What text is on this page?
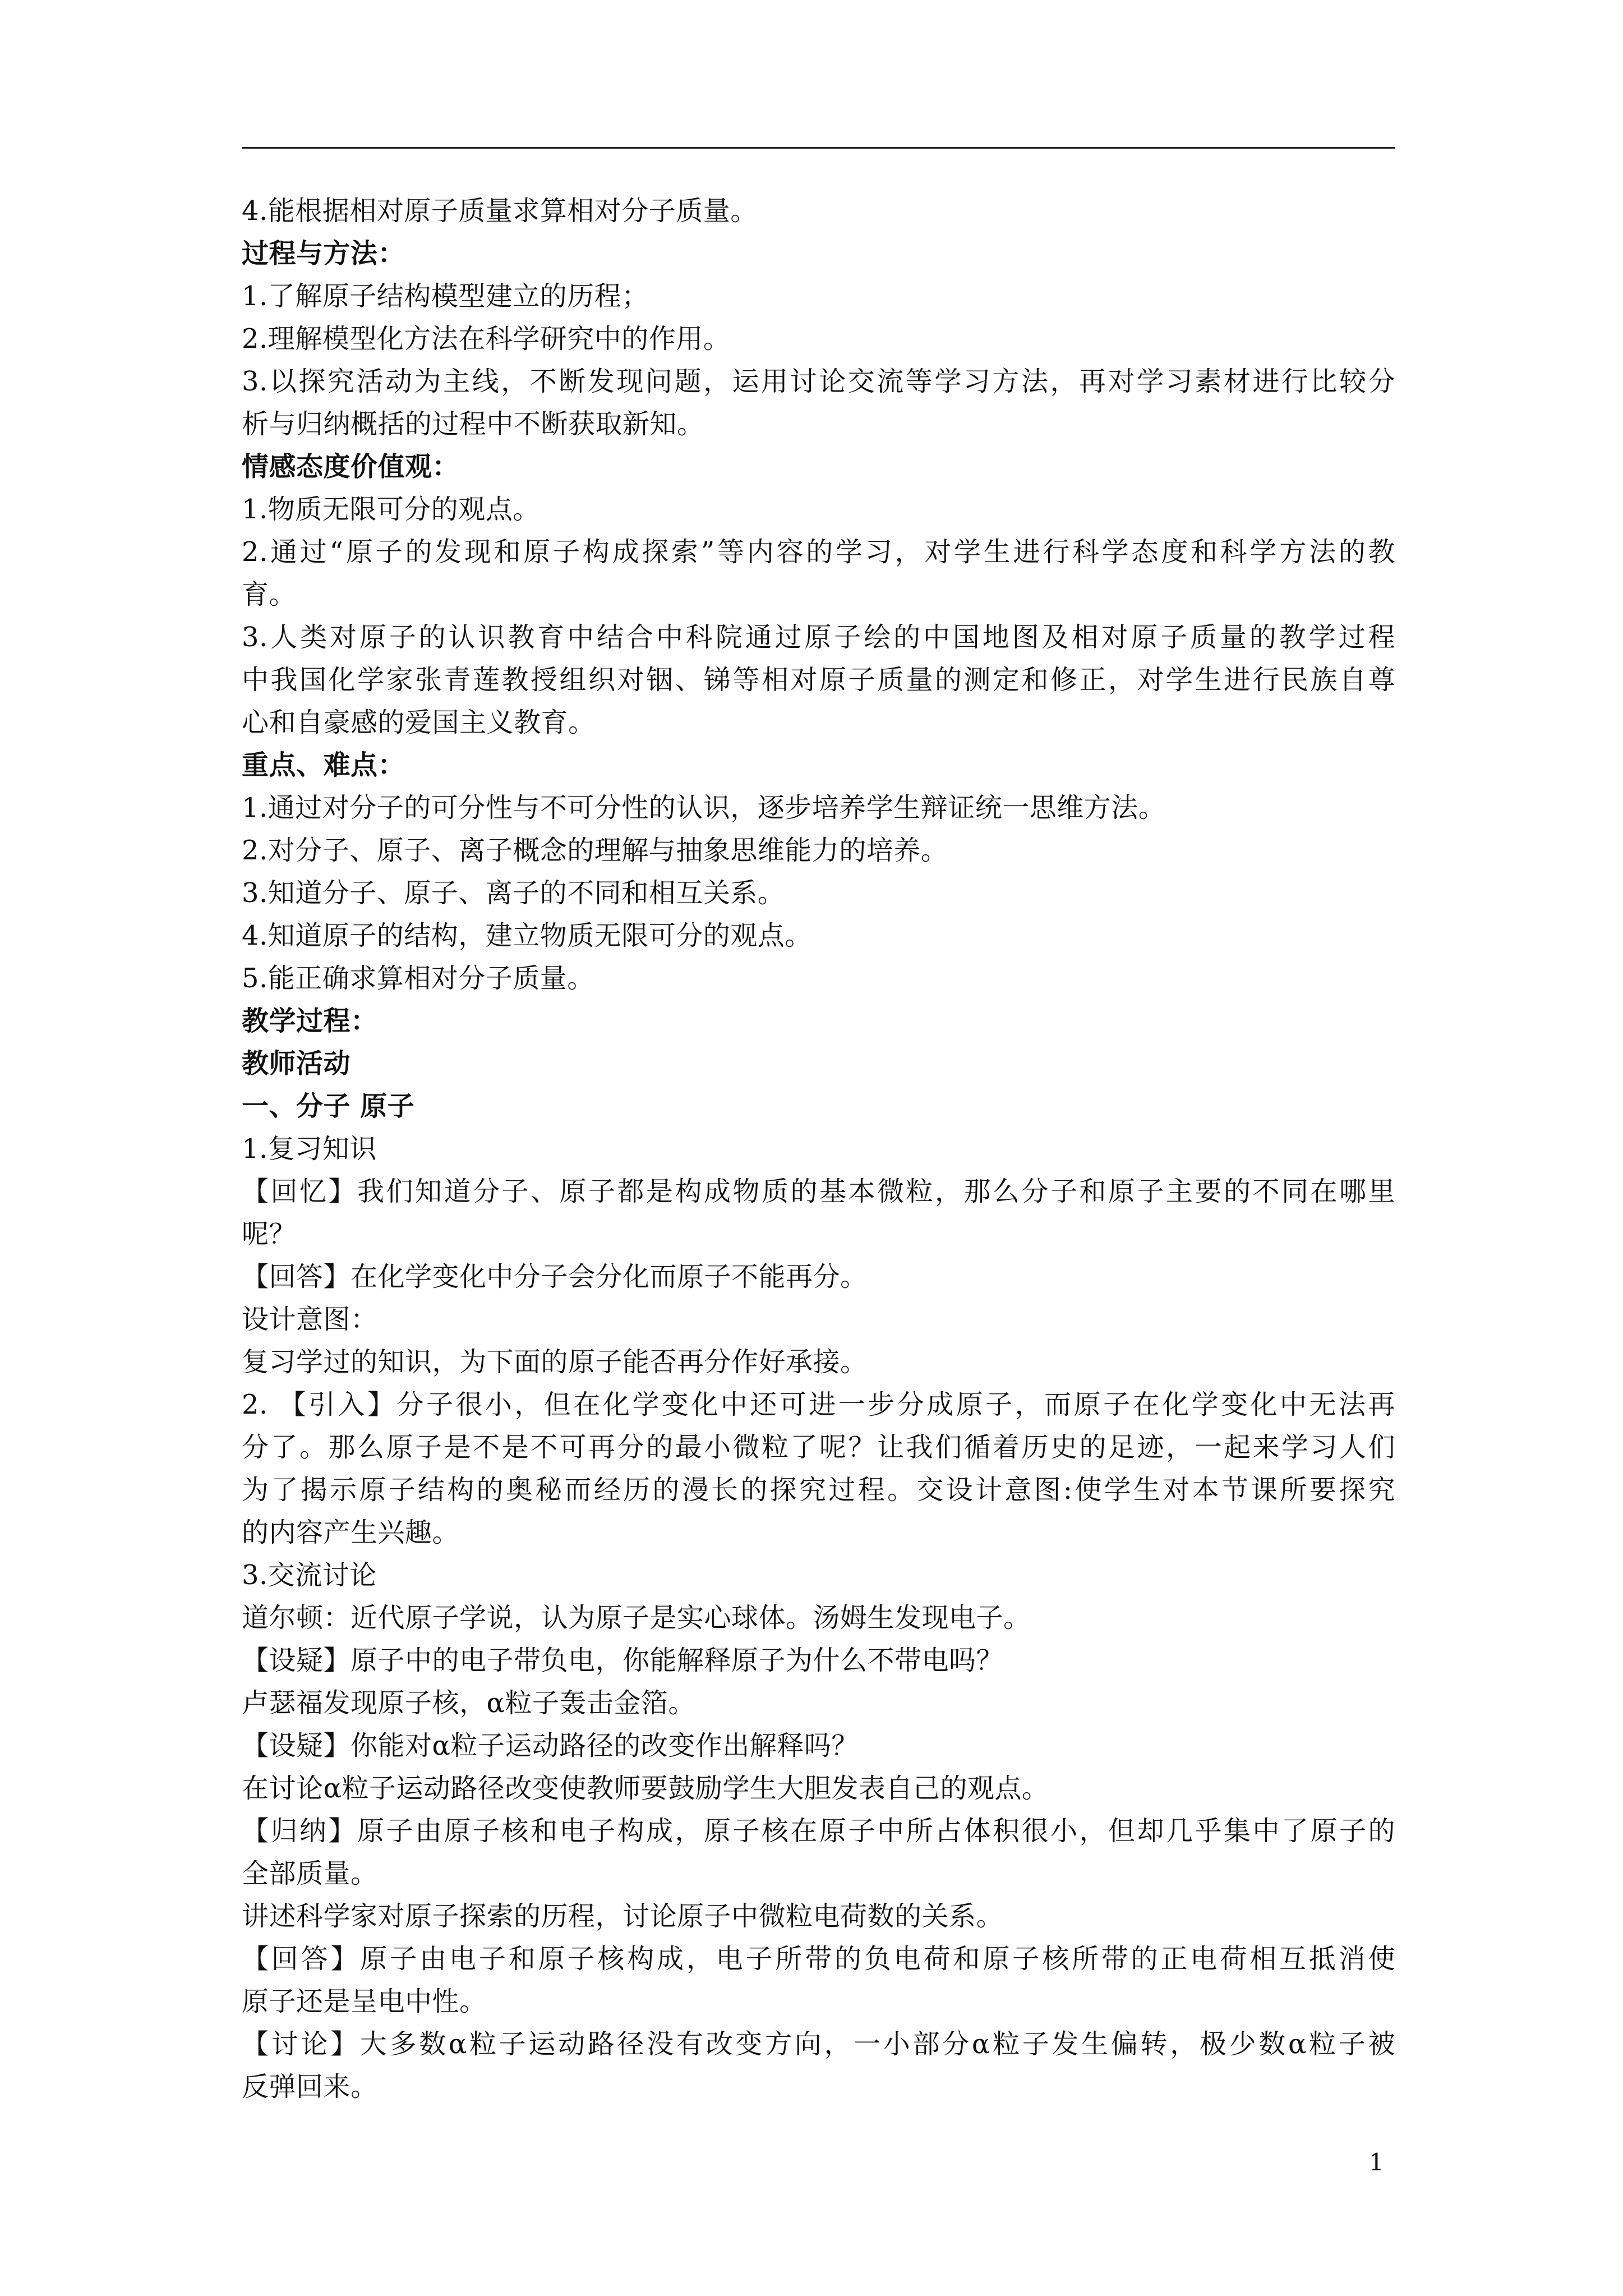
4.能根据相对原子质量求算相对分子质量。
过程与方法：
1.了解原子结构模型建立的历程；
2.理解模型化方法在科学研究中的作用。
3.以探究活动为主线，不断发现问题，运用讨论交流等学习方法，再对学习素材进行比较分
析与归纳概括的过程中不断获取新知。
情感态度价值观：
1.物质无限可分的观点。
2.通过“原子的发现和原子构成探索”等内容的学习，对学生进行科学态度和科学方法的教
育。
3.人类对原子的认识教育中结合中科院通过原子绘的中国地图及相对原子质量的教学过程
中我国化学家张青莲教授组织对铟、锑等相对原子质量的测定和修正，对学生进行民族自尊
心和自豪感的爱国主义教育。
重点、难点：
1.通过对分子的可分性与不可分性的认识，逐步培养学生辩证统一思维方法。
2.对分子、原子、离子概念的理解与抽象思维能力的培养。
3.知道分子、原子、离子的不同和相互关系。
4.知道原子的结构，建立物质无限可分的观点。
5.能正确求算相对分子质量。
教学过程：
教师活动
一、分子 原子
1.复习知识
【回忆】我们知道分子、原子都是构成物质的基本微粒，那么分子和原子主要的不同在哪里
呢？
【回答】在化学变化中分子会分化而原子不能再分。
设计意图：
复习学过的知识，为下面的原子能否再分作好承接。
2. 【引入】分子很小，但在化学变化中还可进一步分成原子，而原子在化学变化中无法再
分了。那么原子是不是不可再分的最小微粒了呢？让我们循着历史的足迹，一起来学习人们
为了揭示原子结构的奥秘而经历的漫长的探究过程。交设计意图:使学生对本节课所要探究
的内容产生兴趣。
3.交流讨论
道尔顿：近代原子学说，认为原子是实心球体。汤姆生发现电子。
【设疑】原子中的电子带负电，你能解释原子为什么不带电吗？
卢瑟福发现原子核，α粒子轰击金箔。
【设疑】你能对α粒子运动路径的改变作出解释吗？
在讨论α粒子运动路径改变使教师要鼓励学生大胆发表自己的观点。
【归纳】原子由原子核和电子构成，原子核在原子中所占体积很小，但却几乎集中了原子的
全部质量。
讲述科学家对原子探索的历程，讨论原子中微粒电荷数的关系。
【回答】原子由电子和原子核构成，电子所带的负电荷和原子核所带的正电荷相互抵消使
原子还是呈电中性。
【讨论】大多数α粒子运动路径没有改变方向，一小部分α粒子发生偏转，极少数α粒子被
反弹回来。
1
